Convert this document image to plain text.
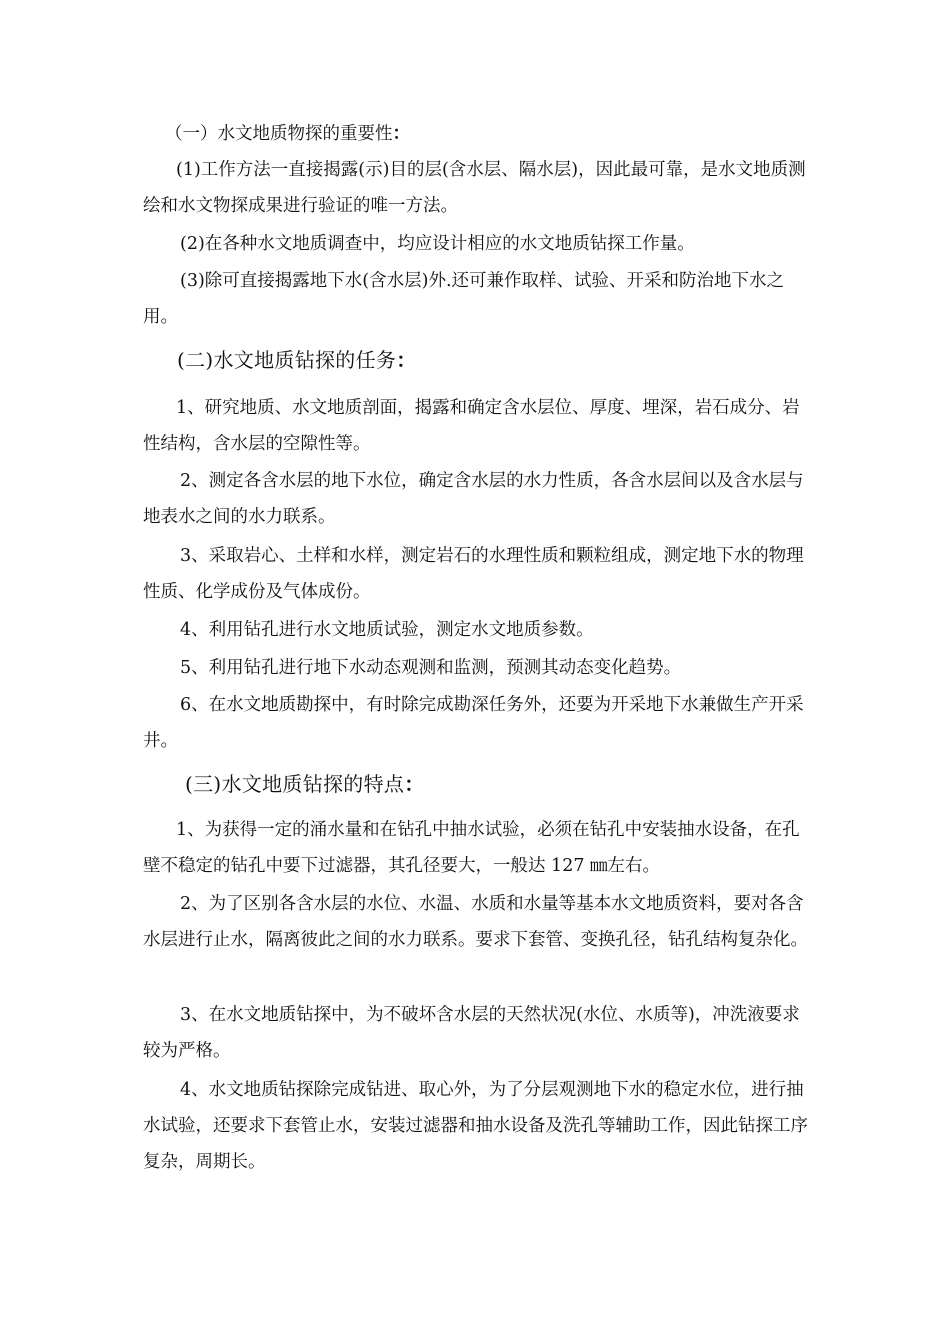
（一）水文地质物探的重要性：

(1)工作方法一直接揭露(示)目的层(含水层、隔水层)，因此最可靠，是水文地质测绘和水文物探成果进行验证的唯一方法。

(2)在各种水文地质调查中，均应设计相应的水文地质钻探工作量。

(3)除可直接揭露地下水(含水层)外.还可兼作取样、试验、开采和防治地下水之用。

(二)水文地质钻探的任务：

1、研究地质、水文地质剖面，揭露和确定含水层位、厚度、埋深，岩石成分、岩性结构，含水层的空隙性等。

2、测定各含水层的地下水位，确定含水层的水力性质，各含水层间以及含水层与地表水之间的水力联系。

3、采取岩心、土样和水样，测定岩石的水理性质和颗粒组成，测定地下水的物理性质、化学成份及气体成份。

4、利用钻孔进行水文地质试验，测定水文地质参数。

5、利用钻孔进行地下水动态观测和监测，预测其动态变化趋势。

6、在水文地质勘探中，有时除完成勘深任务外，还要为开采地下水兼做生产开采井。

(三)水文地质钻探的特点：

1、为获得一定的涌水量和在钻孔中抽水试验，必须在钻孔中安装抽水设备，在孔壁不稳定的钻孔中要下过滤器，其孔径要大，一般达 127 ㎜左右。

2、为了区别各含水层的水位、水温、水质和水量等基本水文地质资料，要对各含水层进行止水，隔离彼此之间的水力联系。要求下套管、变换孔径，钻孔结构复杂化。

3、在水文地质钻探中，为不破坏含水层的天然状况(水位、水质等)，冲洗液要求较为严格。

4、水文地质钻探除完成钻进、取心外，为了分层观测地下水的稳定水位，进行抽水试验，还要求下套管止水，安装过滤器和抽水设备及洗孔等辅助工作，因此钻探工序复杂，周期长。
